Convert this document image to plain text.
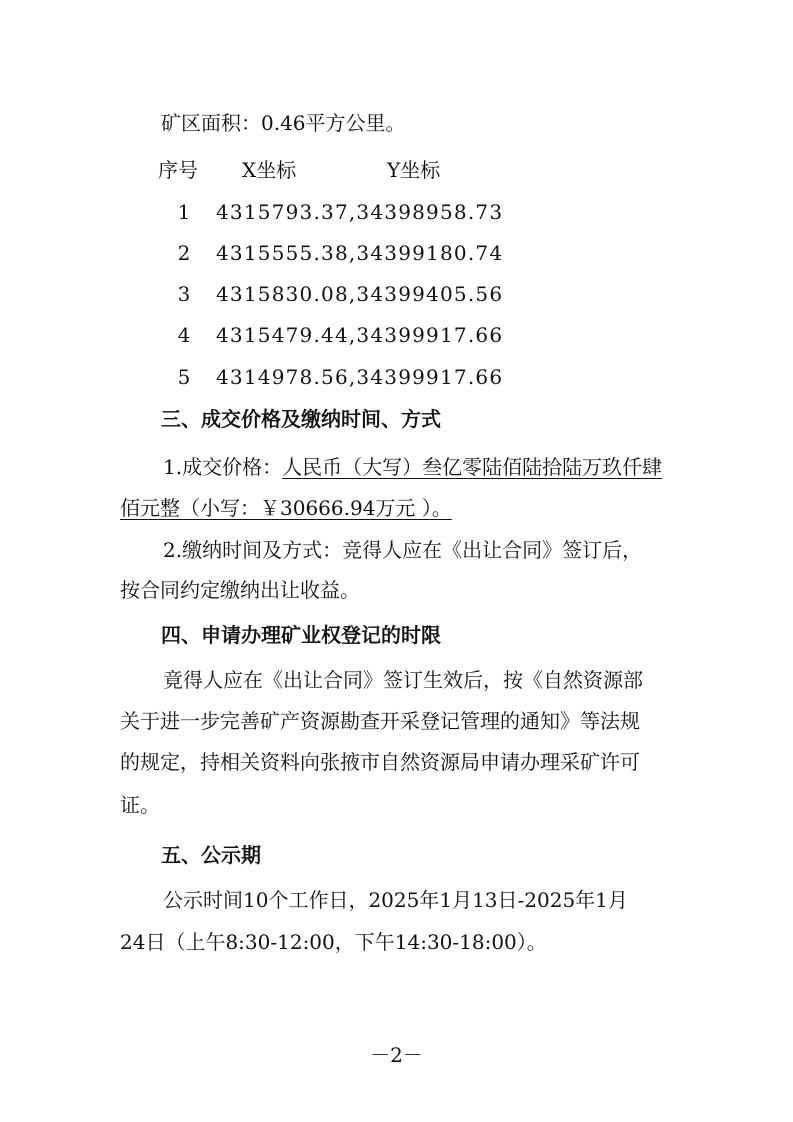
矿区面积：0.46平方公里。
序号 X坐标	Y坐标
1 4315793.37,34398958.73
2 4315555.38,34399180.74
3 4315830.08,34399405.56
4 4315479.44,34399917.66
5 4314978.56,34399917.66
三、成交价格及缴纳时间、方式
1.成交价格：人民币（大写）叁亿零陆佰陆拾陆万玖仟肆
佰元整（小写：￥30666.94万元 ）。
2.缴纳时间及方式：竞得人应在《出让合同》签订后，
按合同约定缴纳出让收益。
四、申请办理矿业权登记的时限
竟得人应在《出让合同》签订生效后，按《自然资源部
关于进一步完善矿产资源勘查开采登记管理的通知》等法规
的规定，持相关资料向张掖市自然资源局申请办理采矿许可
证。
五、公示期
公示时间10个工作日，2025年1月13日-2025年1月
24日（上午8:30-12:00，下午14:30-18:00）。
－2－
